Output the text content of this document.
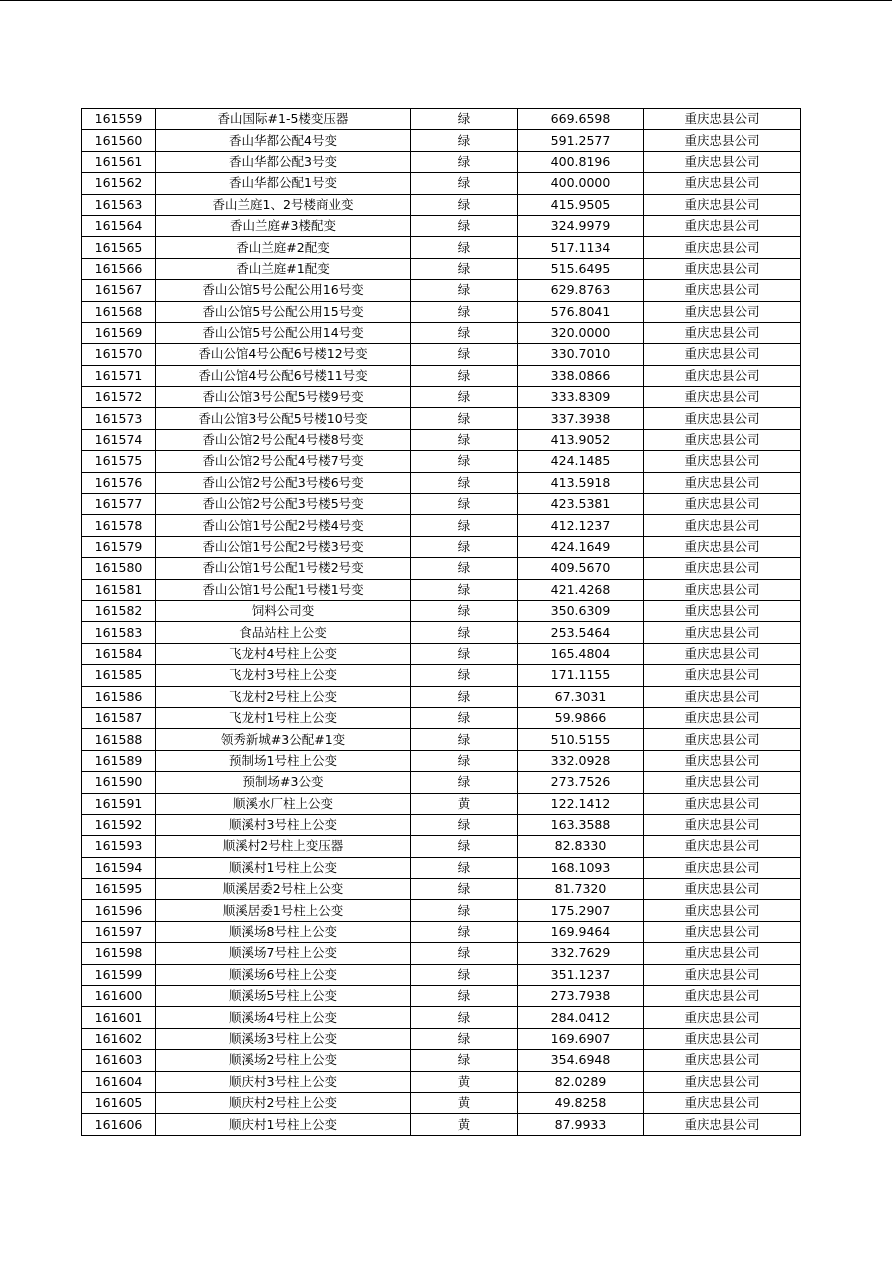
161559	香山国际#1-5楼变压器	绿	669.6598	重庆忠县公司
161560	香山华都公配4号变	绿	591.2577	重庆忠县公司
161561	香山华都公配3号变	绿	400.8196	重庆忠县公司
161562	香山华都公配1号变	绿	400.0000	重庆忠县公司
161563	香山兰庭1、2号楼商业变	绿	415.9505	重庆忠县公司
161564	香山兰庭#3楼配变	绿	324.9979	重庆忠县公司
161565	香山兰庭#2配变	绿	517.1134	重庆忠县公司
161566	香山兰庭#1配变	绿	515.6495	重庆忠县公司
161567	香山公馆5号公配公用16号变	绿	629.8763	重庆忠县公司
161568	香山公馆5号公配公用15号变	绿	576.8041	重庆忠县公司
161569	香山公馆5号公配公用14号变	绿	320.0000	重庆忠县公司
161570	香山公馆4号公配6号楼12号变	绿	330.7010	重庆忠县公司
161571	香山公馆4号公配6号楼11号变	绿	338.0866	重庆忠县公司
161572	香山公馆3号公配5号楼9号变	绿	333.8309	重庆忠县公司
161573	香山公馆3号公配5号楼10号变	绿	337.3938	重庆忠县公司
161574	香山公馆2号公配4号楼8号变	绿	413.9052	重庆忠县公司
161575	香山公馆2号公配4号楼7号变	绿	424.1485	重庆忠县公司
161576	香山公馆2号公配3号楼6号变	绿	413.5918	重庆忠县公司
161577	香山公馆2号公配3号楼5号变	绿	423.5381	重庆忠县公司
161578	香山公馆1号公配2号楼4号变	绿	412.1237	重庆忠县公司
161579	香山公馆1号公配2号楼3号变	绿	424.1649	重庆忠县公司
161580	香山公馆1号公配1号楼2号变	绿	409.5670	重庆忠县公司
161581	香山公馆1号公配1号楼1号变	绿	421.4268	重庆忠县公司
161582	饲料公司变	绿	350.6309	重庆忠县公司
161583	食品站柱上公变	绿	253.5464	重庆忠县公司
161584	飞龙村4号柱上公变	绿	165.4804	重庆忠县公司
161585	飞龙村3号柱上公变	绿	171.1155	重庆忠县公司
161586	飞龙村2号柱上公变	绿	67.3031	重庆忠县公司
161587	飞龙村1号柱上公变	绿	59.9866	重庆忠县公司
161588	领秀新城#3公配#1变	绿	510.5155	重庆忠县公司
161589	预制场1号柱上公变	绿	332.0928	重庆忠县公司
161590	预制场#3公变	绿	273.7526	重庆忠县公司
161591	顺溪水厂柱上公变	黄	122.1412	重庆忠县公司
161592	顺溪村3号柱上公变	绿	163.3588	重庆忠县公司
161593	顺溪村2号柱上变压器	绿	82.8330	重庆忠县公司
161594	顺溪村1号柱上公变	绿	168.1093	重庆忠县公司
161595	顺溪居委2号柱上公变	绿	81.7320	重庆忠县公司
161596	顺溪居委1号柱上公变	绿	175.2907	重庆忠县公司
161597	顺溪场8号柱上公变	绿	169.9464	重庆忠县公司
161598	顺溪场7号柱上公变	绿	332.7629	重庆忠县公司
161599	顺溪场6号柱上公变	绿	351.1237	重庆忠县公司
161600	顺溪场5号柱上公变	绿	273.7938	重庆忠县公司
161601	顺溪场4号柱上公变	绿	284.0412	重庆忠县公司
161602	顺溪场3号柱上公变	绿	169.6907	重庆忠县公司
161603	顺溪场2号柱上公变	绿	354.6948	重庆忠县公司
161604	顺庆村3号柱上公变	黄	82.0289	重庆忠县公司
161605	顺庆村2号柱上公变	黄	49.8258	重庆忠县公司
161606	顺庆村1号柱上公变	黄	87.9933	重庆忠县公司
